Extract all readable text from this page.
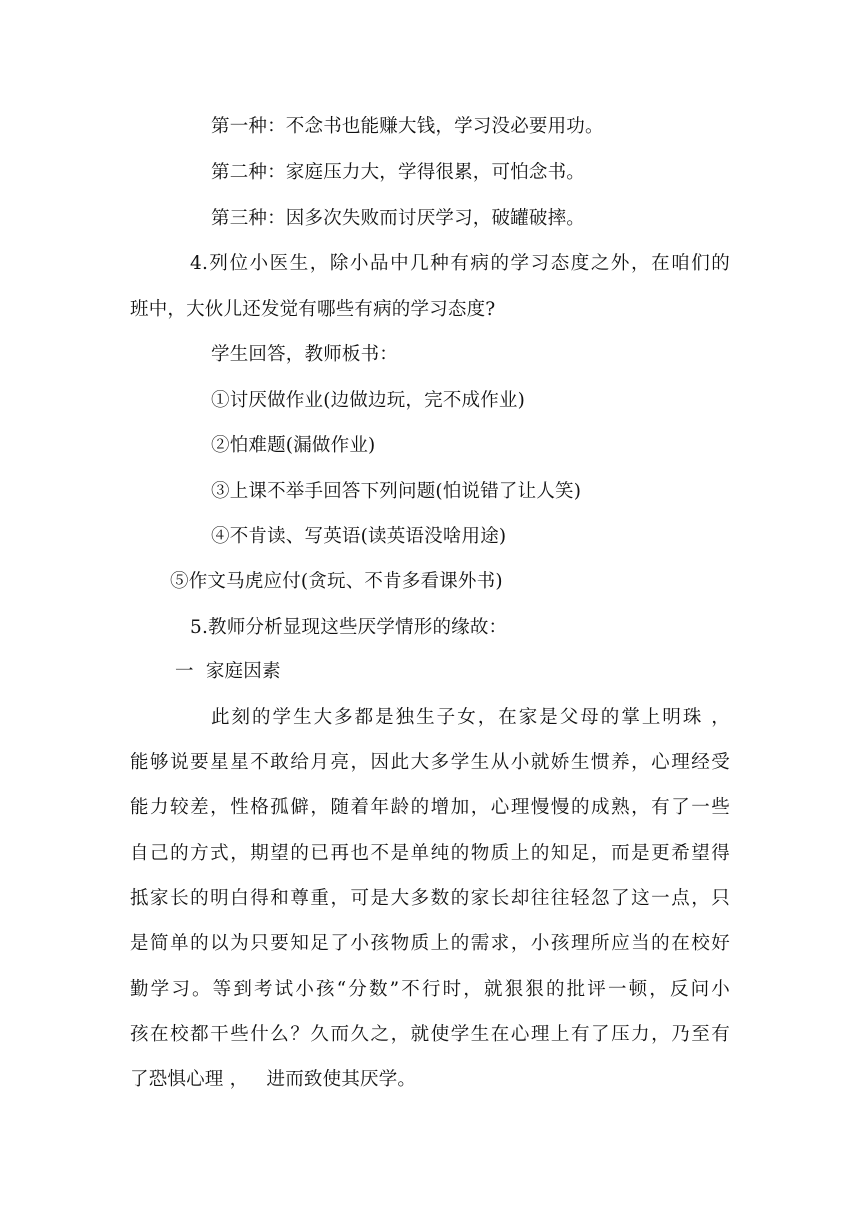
第一种：不念书也能赚大钱，学习没必要用功。
第二种：家庭压力大，学得很累，可怕念书。
第三种：因多次失败而讨厌学习，破罐破摔。
4.列位小医生，除小品中几种有病的学习态度之外，在咱们的
班中，大伙儿还发觉有哪些有病的学习态度?
学生回答，教师板书：
①讨厌做作业(边做边玩，完不成作业)
②怕难题(漏做作业)
③上课不举手回答下列问题(怕说错了让人笑)
④不肯读、写英语(读英语没啥用途)
⑤作文马虎应付(贪玩、不肯多看课外书)
5.教师分析显现这些厌学情形的缘故：
一  家庭因素
此刻的学生大多都是独生子女，在家是父母的掌上明珠 ，
能够说要星星不敢给月亮，因此大多学生从小就娇生惯养，心理经受
能力较差，性格孤僻，随着年龄的增加，心理慢慢的成熟，有了一些
自己的方式，期望的已再也不是单纯的物质上的知足，而是更希望得
抵家长的明白得和尊重，可是大多数的家长却往往轻忽了这一点，只
是简单的以为只要知足了小孩物质上的需求，小孩理所应当的在校好
勤学习。等到考试小孩“分数”不行时，就狠狠的批评一顿，反问小
孩在校都干些什么？久而久之，就使学生在心理上有了压力，乃至有
了恐惧心理 ，   进而致使其厌学。
